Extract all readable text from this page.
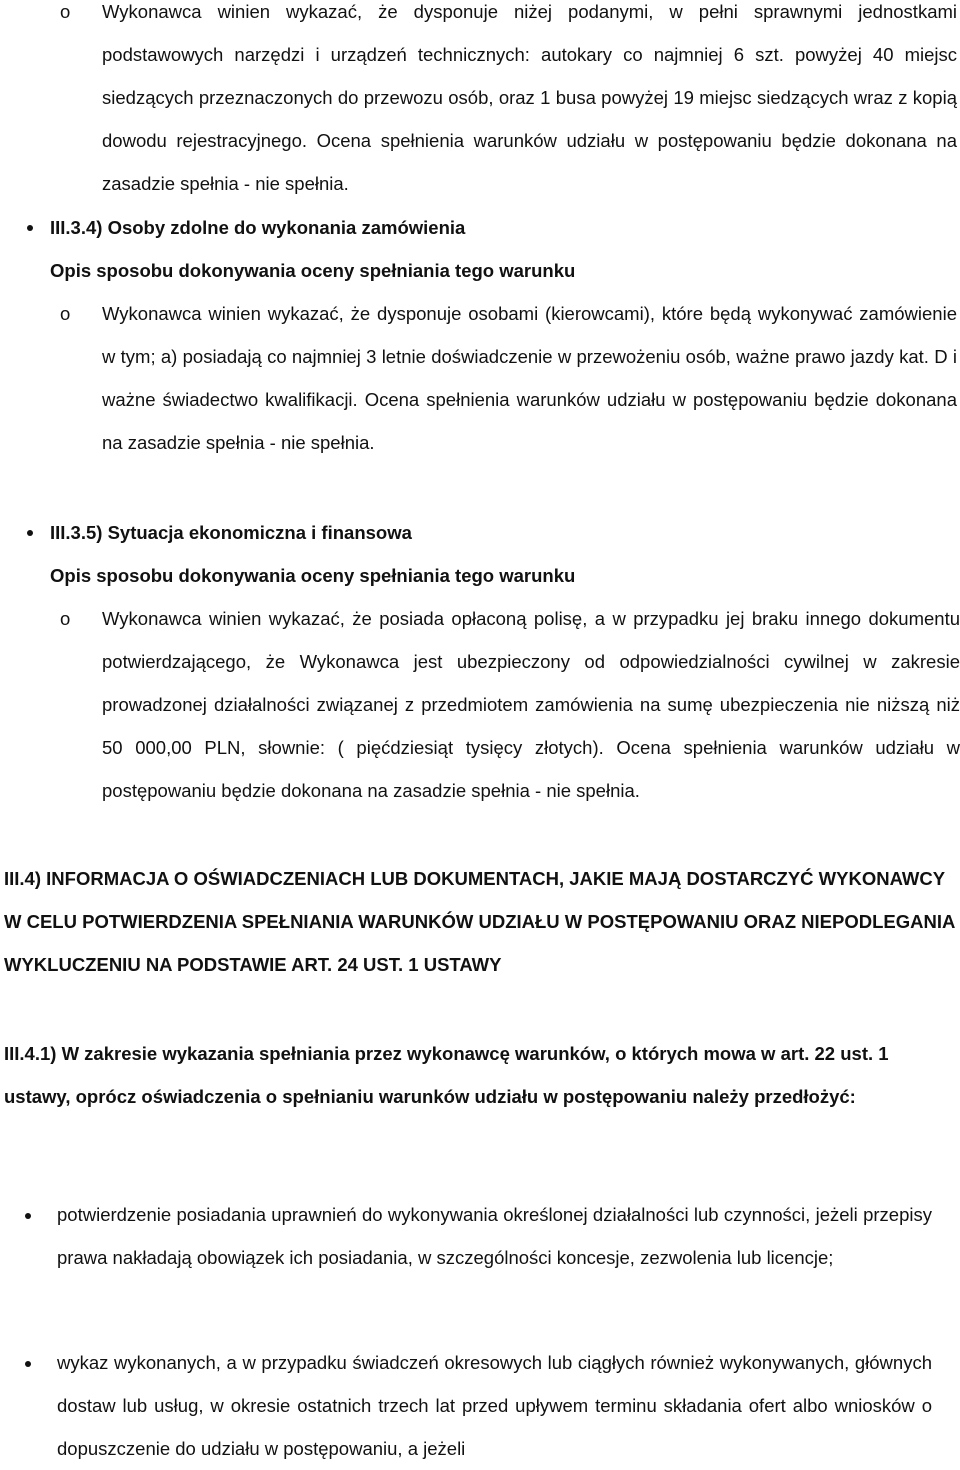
o Wykonawca winien wykazać, że dysponuje niżej podanymi, w pełni sprawnymi jednostkami podstawowych narzędzi i urządzeń technicznych: autokary co najmniej 6 szt. powyżej 40 miejsc siedzących przeznaczonych do przewozu osób, oraz 1 busa powyżej 19 miejsc siedzących wraz z kopią dowodu rejestracyjnego. Ocena spełnienia warunków udziału w postępowaniu będzie dokonana na zasadzie spełnia - nie spełnia.
III.3.4) Osoby zdolne do wykonania zamówienia
Opis sposobu dokonywania oceny spełniania tego warunku
o Wykonawca winien wykazać, że dysponuje osobami (kierowcami), które będą wykonywać zamówienie w tym; a) posiadają co najmniej 3 letnie doświadczenie w przewożeniu osób, ważne prawo jazdy kat. D i ważne świadectwo kwalifikacji. Ocena spełnienia warunków udziału w postępowaniu będzie dokonana na zasadzie spełnia - nie spełnia.
III.3.5) Sytuacja ekonomiczna i finansowa
Opis sposobu dokonywania oceny spełniania tego warunku
o Wykonawca winien wykazać, że posiada opłaconą polisę, a w przypadku jej braku innego dokumentu potwierdzającego, że Wykonawca jest ubezpieczony od odpowiedzialności cywilnej w zakresie prowadzonej działalności związanej z przedmiotem zamówienia na sumę ubezpieczenia nie niższą niż 50 000,00 PLN, słownie: ( pięćdziesiąt tysięcy złotych). Ocena spełnienia warunków udziału w postępowaniu będzie dokonana na zasadzie spełnia - nie spełnia.
III.4) INFORMACJA O OŚWIADCZENIACH LUB DOKUMENTACH, JAKIE MAJĄ DOSTARCZYĆ WYKONAWCY W CELU POTWIERDZENIA SPEŁNIANIA WARUNKÓW UDZIAŁU W POSTĘPOWANIU ORAZ NIEPODLEGANIA WYKLUCZENIU NA PODSTAWIE ART. 24 UST. 1 USTAWY
III.4.1) W zakresie wykazania spełniania przez wykonawcę warunków, o których mowa w art. 22 ust. 1 ustawy, oprócz oświadczenia o spełnianiu warunków udziału w postępowaniu należy przedłożyć:
potwierdzenie posiadania uprawnień do wykonywania określonej działalności lub czynności, jeżeli przepisy prawa nakładają obowiązek ich posiadania, w szczególności koncesje, zezwolenia lub licencje;
wykaz wykonanych, a w przypadku świadczeń okresowych lub ciągłych również wykonywanych, głównych dostaw lub usług, w okresie ostatnich trzech lat przed upływem terminu składania ofert albo wniosków o dopuszczenie do udziału w postępowaniu, a jeżeli
